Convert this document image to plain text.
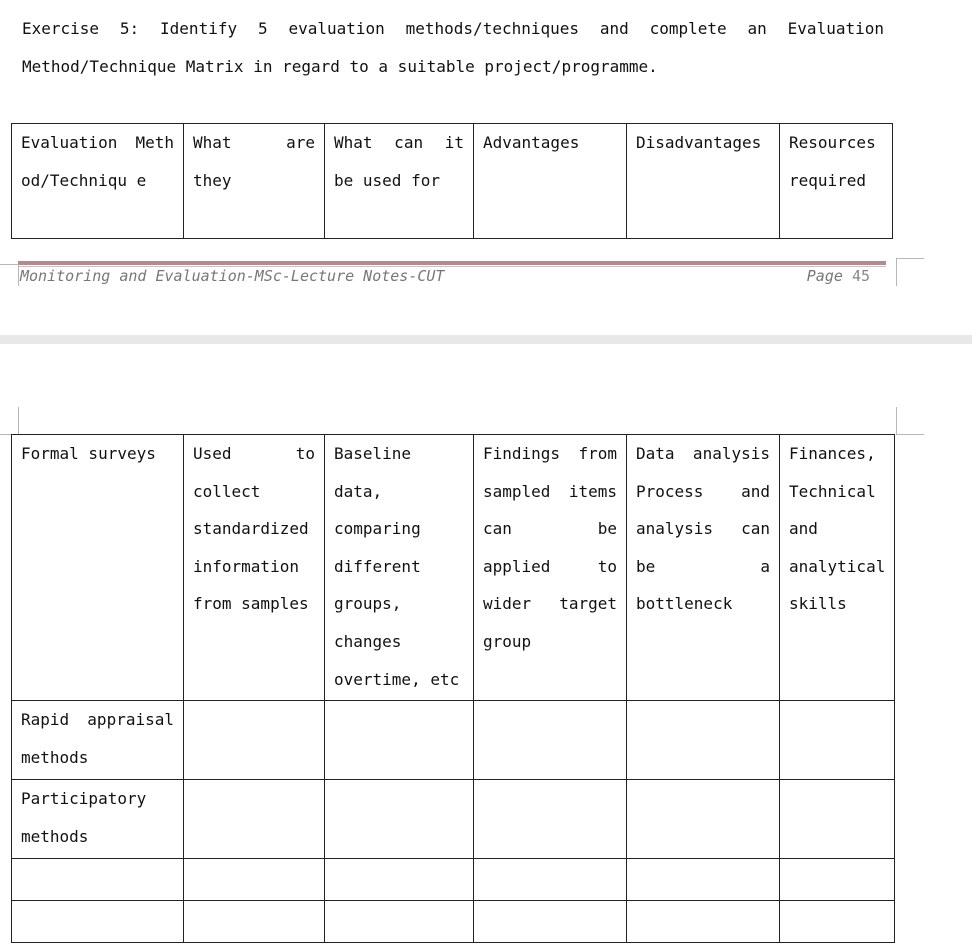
Exercise 5: Identify 5 evaluation methods/techniques and complete an Evaluation Method/Technique Matrix in regard to a suitable project/programme.

Evaluation Method/Techniqu e	What are they	What can it be used for	Advantages	Disadvantages	Resources required
Monitoring and Evaluation-MSc-Lecture Notes-CUT	Page 45
Formal surveys	Used to collect standardized information from samples	Baseline data, comparing different groups, changes overtime, etc	Findings from sampled items can be applied to wider target group	Data analysis Process and analysis can be a bottleneck	Finances, Technical and analytical skills
Rapid appraisal methods					
Participatory methods					
